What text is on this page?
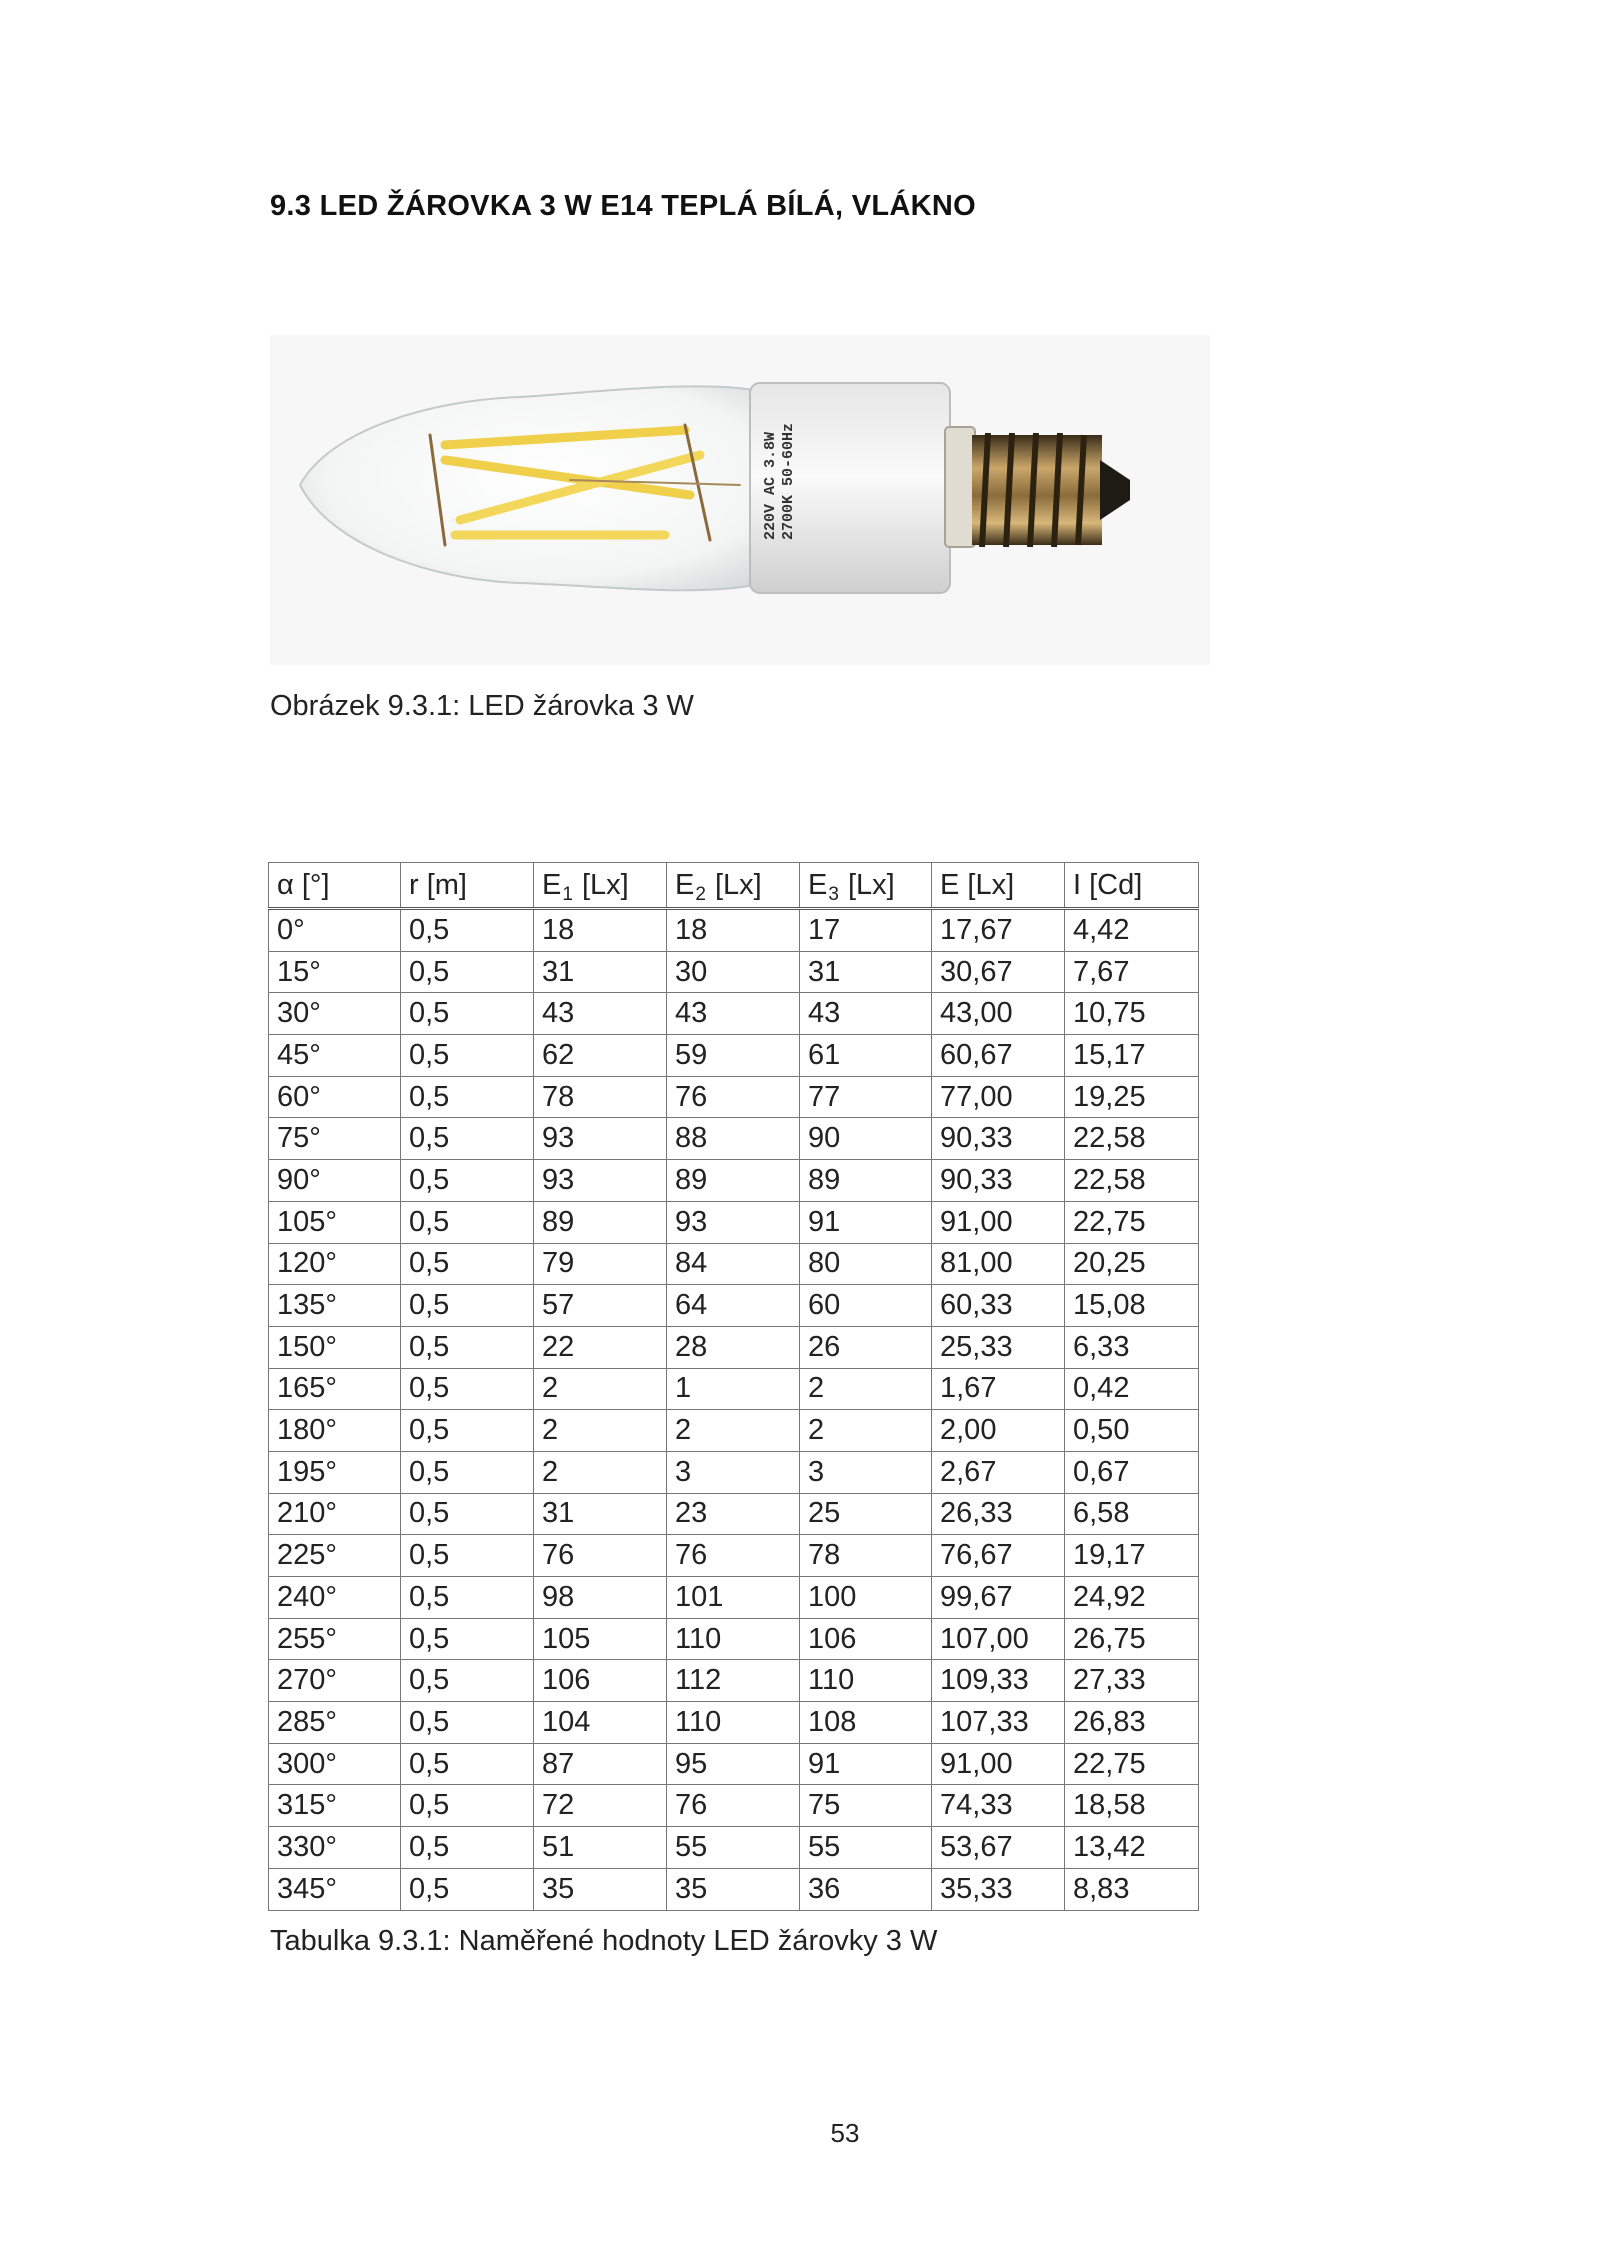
9.3 LED ŽÁROVKA 3 W E14 TEPLÁ BÍLÁ, VLÁKNO
220V AC 3.8W 2700K 50-60Hz
Obrázek 9.3.1: LED žárovka 3 W
α [°]	r [m]	$E_1$ [Lx]	$E_2$ [Lx]	$E_3$ [Lx]	E [Lx]	I [Cd]
0°	0,5	18	18	17	17,67	4,42
15°	0,5	31	30	31	30,67	7,67
30°	0,5	43	43	43	43,00	10,75
45°	0,5	62	59	61	60,67	15,17
60°	0,5	78	76	77	77,00	19,25
75°	0,5	93	88	90	90,33	22,58
90°	0,5	93	89	89	90,33	22,58
105°	0,5	89	93	91	91,00	22,75
120°	0,5	79	84	80	81,00	20,25
135°	0,5	57	64	60	60,33	15,08
150°	0,5	22	28	26	25,33	6,33
165°	0,5	2	1	2	1,67	0,42
180°	0,5	2	2	2	2,00	0,50
195°	0,5	2	3	3	2,67	0,67
210°	0,5	31	23	25	26,33	6,58
225°	0,5	76	76	78	76,67	19,17
240°	0,5	98	101	100	99,67	24,92
255°	0,5	105	110	106	107,00	26,75
270°	0,5	106	112	110	109,33	27,33
285°	0,5	104	110	108	107,33	26,83
300°	0,5	87	95	91	91,00	22,75
315°	0,5	72	76	75	74,33	18,58
330°	0,5	51	55	55	53,67	13,42
345°	0,5	35	35	36	35,33	8,83
Tabulka 9.3.1: Naměřené hodnoty LED žárovky 3 W
53
